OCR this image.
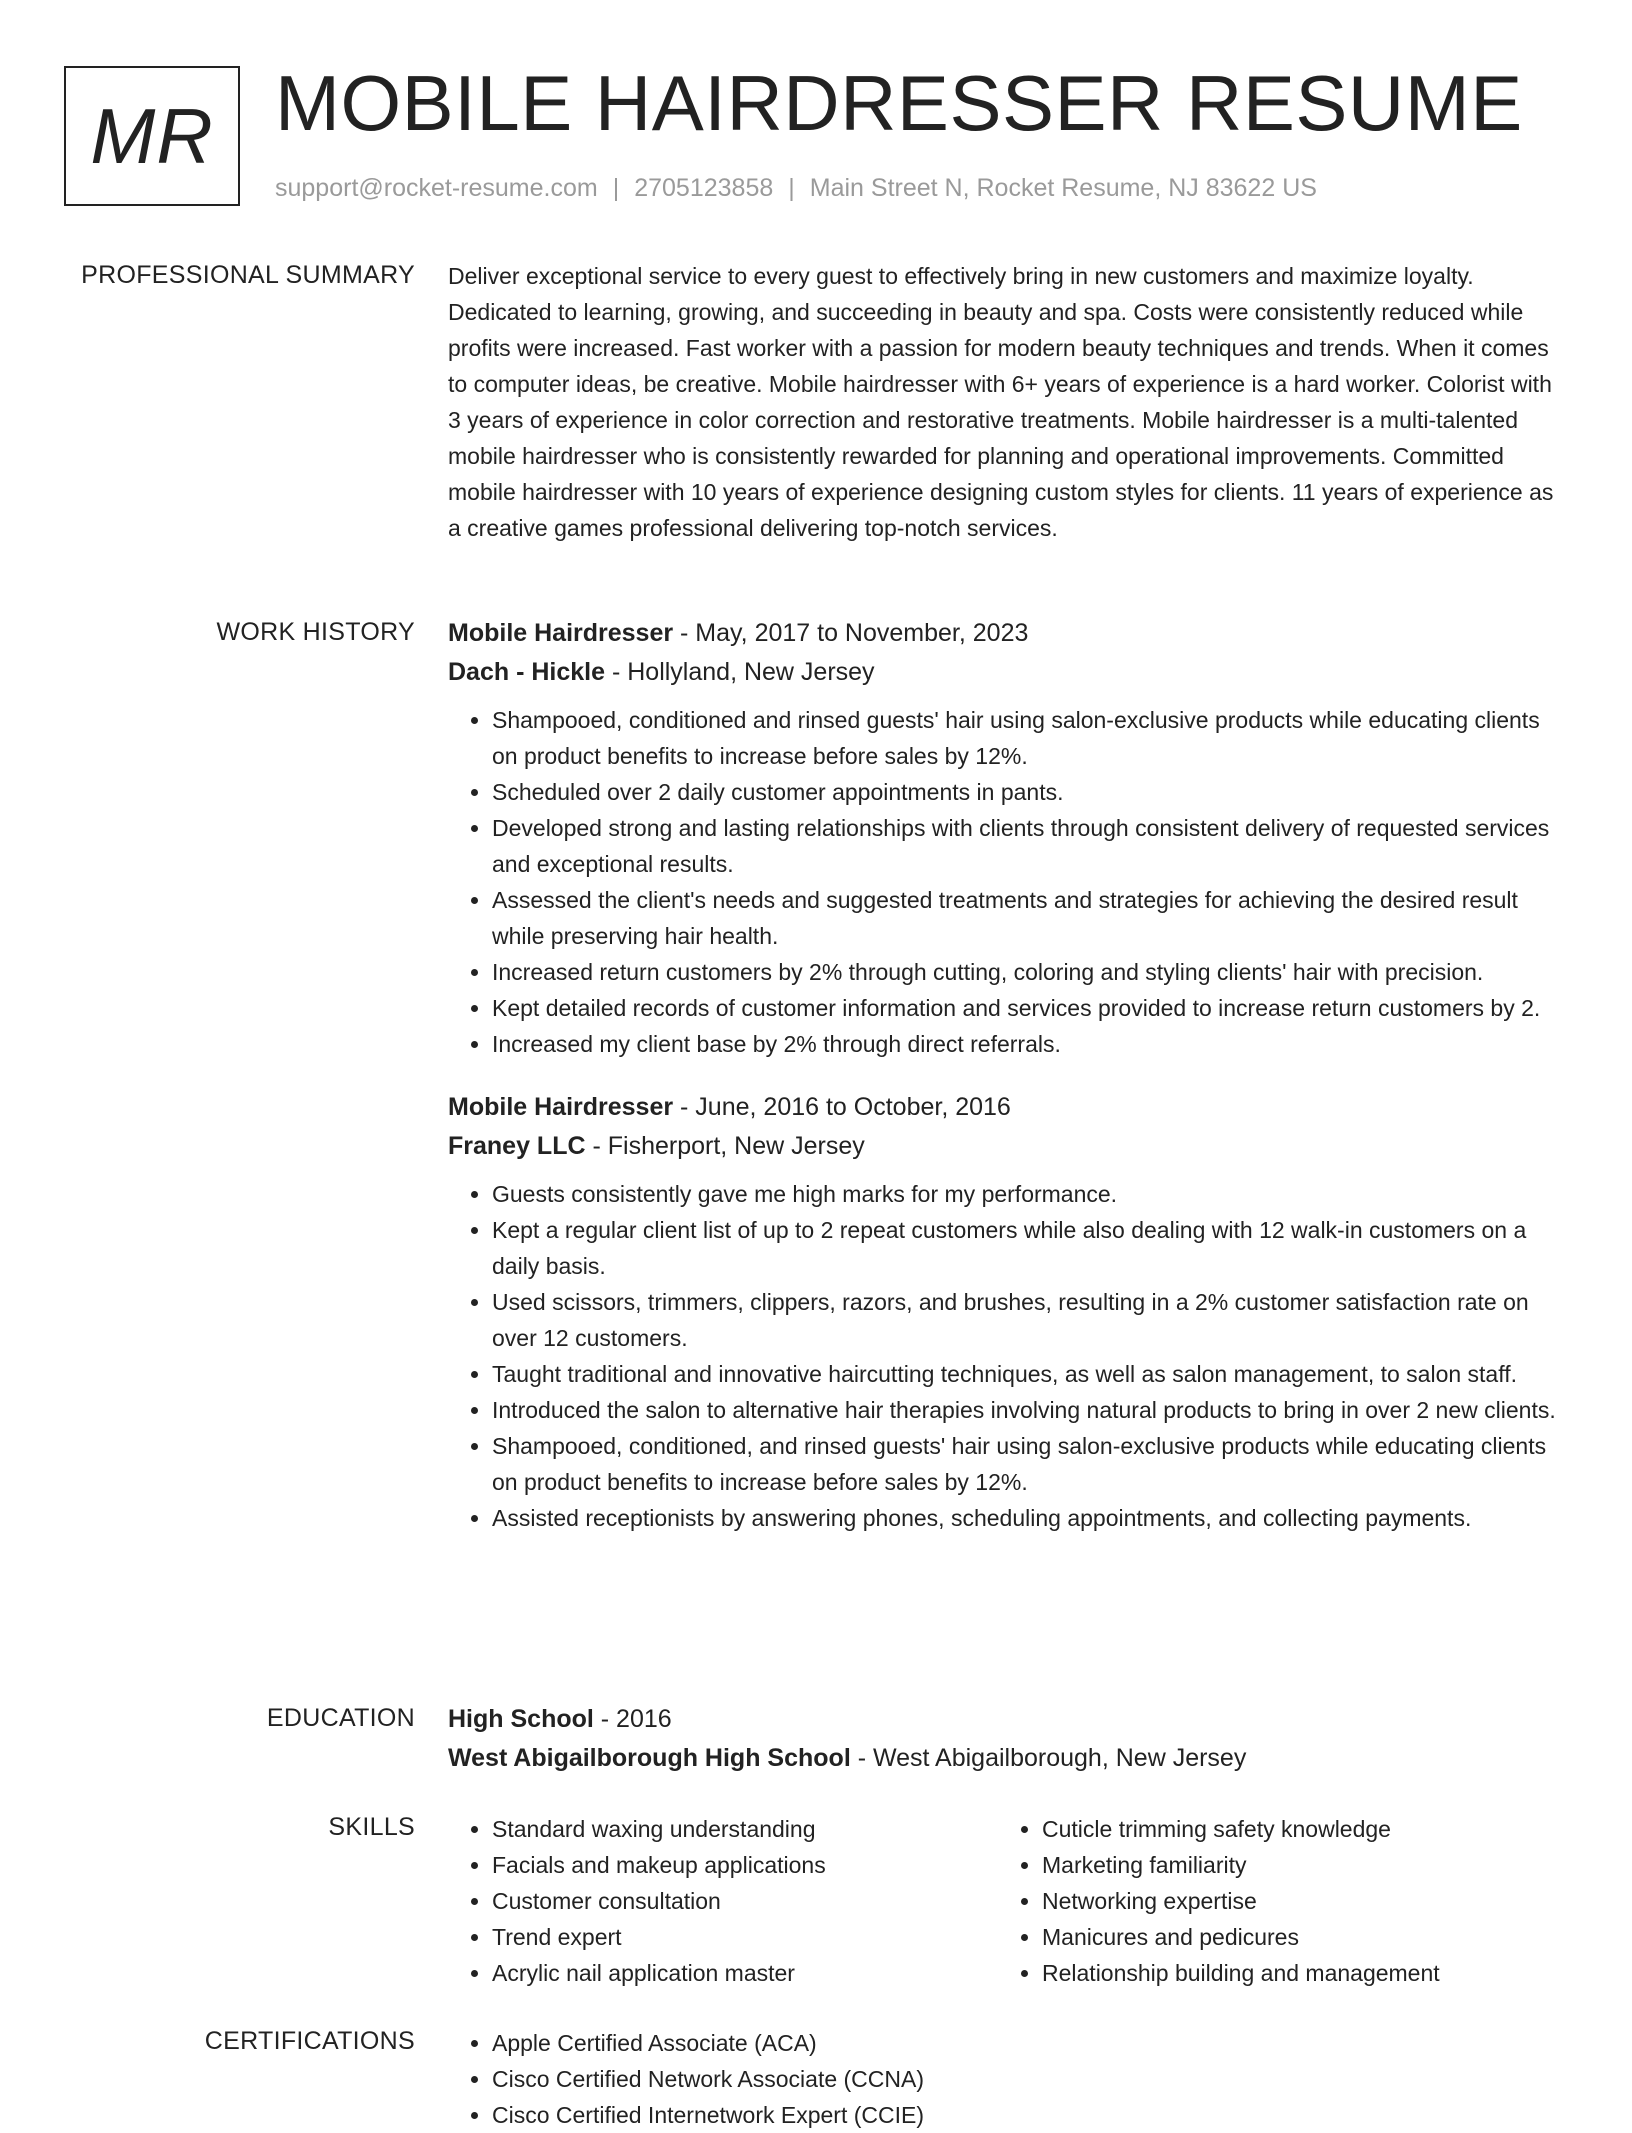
MR MOBILE HAIRDRESSER RESUME
support@rocket-resume.com | 2705123858 | Main Street N, Rocket Resume, NJ 83622 US
PROFESSIONAL SUMMARY Deliver exceptional service to every guest to effectively bring in new customers and maximize loyalty. Dedicated to learning, growing, and succeeding in beauty and spa. Costs were consistently reduced while profits were increased. Fast worker with a passion for modern beauty techniques and trends. When it comes to computer ideas, be creative. Mobile hairdresser with 6+ years of experience is a hard worker. Colorist with 3 years of experience in color correction and restorative treatments. Mobile hairdresser is a multi-talented mobile hairdresser who is consistently rewarded for planning and operational improvements. Committed mobile hairdresser with 10 years of experience designing custom styles for clients. 11 years of experience as a creative games professional delivering top-notch services.

WORK HISTORY Mobile Hairdresser - May, 2017 to November, 2023
Dach - Hickle - Hollyland, New Jersey
• Shampooed, conditioned and rinsed guests' hair using salon-exclusive products while educating clients on product benefits to increase before sales by 12%.
• Scheduled over 2 daily customer appointments in pants.
• Developed strong and lasting relationships with clients through consistent delivery of requested services and exceptional results.
• Assessed the client's needs and suggested treatments and strategies for achieving the desired result while preserving hair health.
• Increased return customers by 2% through cutting, coloring and styling clients' hair with precision.
• Kept detailed records of customer information and services provided to increase return customers by 2.
• Increased my client base by 2% through direct referrals.
Mobile Hairdresser - June, 2016 to October, 2016
Franey LLC - Fisherport, New Jersey
• Guests consistently gave me high marks for my performance.
• Kept a regular client list of up to 2 repeat customers while also dealing with 12 walk-in customers on a daily basis.
• Used scissors, trimmers, clippers, razors, and brushes, resulting in a 2% customer satisfaction rate on over 12 customers.
• Taught traditional and innovative haircutting techniques, as well as salon management, to salon staff.
• Introduced the salon to alternative hair therapies involving natural products to bring in over 2 new clients.
• Shampooed, conditioned, and rinsed guests' hair using salon-exclusive products while educating clients on product benefits to increase before sales by 12%.
• Assisted receptionists by answering phones, scheduling appointments, and collecting payments.
EDUCATION High School - 2016
West Abigailborough High School - West Abigailborough, New Jersey
SKILLS	• Standard waxing understanding
• Facials and makeup applications
• Customer consultation
• Trend expert
• Acrylic nail application master
• Cuticle trimming safety knowledge
• Marketing familiarity
• Networking expertise
• Manicures and pedicures
• Relationship building and management
CERTIFICATIONS	• Apple Certified Associate (ACA)
• Cisco Certified Network Associate (CCNA)
• Cisco Certified Internetwork Expert (CCIE)
